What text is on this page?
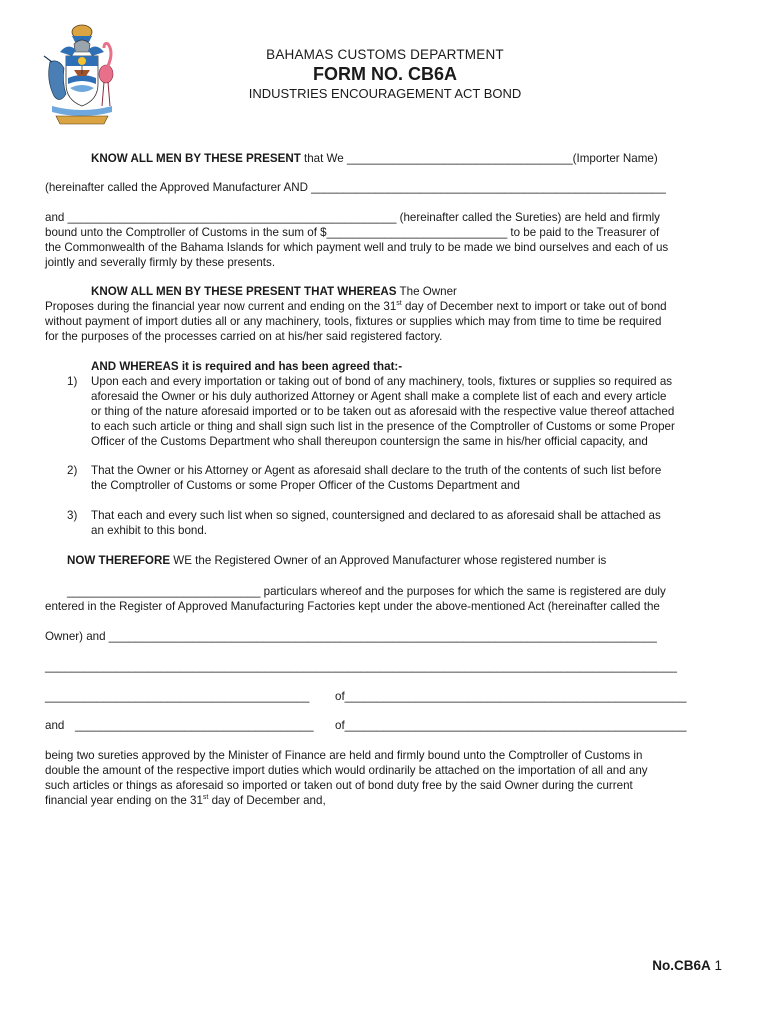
BAHAMAS CUSTOMS DEPARTMENT
FORM NO. CB6A
INDUSTRIES ENCOURAGEMENT ACT BOND
KNOW ALL MEN BY THESE PRESENT that We ___________________________________(Importer Name)
(hereinafter called the Approved Manufacturer AND _______________________________________________________
and ___________________________________________________ (hereinafter called the Sureties) are held and firmly
bound unto the Comptroller of Customs in the sum of $____________________________ to be paid to the Treasurer of
the Commonwealth of the Bahama Islands for which payment well and truly to be made we bind ourselves and each of us
jointly and severally firmly by these presents.
KNOW ALL MEN BY THESE PRESENT THAT WHEREAS The Owner
Proposes during the financial year now current and ending on the 31st day of December next to import or take out of bond
without payment of import duties all or any machinery, tools, fixtures or supplies which may from time to time be required
for the purposes of the processes carried on at his/her said registered factory.
AND WHEREAS it is required and has been agreed that:-
1) Upon each and every importation or taking out of bond of any machinery, tools, fixtures or supplies so required as
aforesaid the Owner or his duly authorized Attorney or Agent shall make a complete list of each and every article
or thing of the nature aforesaid imported or to be taken out as aforesaid with the respective value thereof attached
to each such article or thing and shall sign such list in the presence of the Comptroller of Customs or some Proper
Officer of the Customs Department who shall thereupon countersign the same in his/her official capacity, and
2) That the Owner or his Attorney or Agent as aforesaid shall declare to the truth of the contents of such list before
the Comptroller of Customs or some Proper Officer of the Customs Department and
3) That each and every such list when so signed, countersigned and declared to as aforesaid shall be attached as
an exhibit to this bond.
NOW THEREFORE WE the Registered Owner of an Approved Manufacturer whose registered number is
______________________________ particulars whereof and the purposes for which the same is registered are duly
entered in the Register of Approved Manufacturing Factories kept under the above-mentioned Act (hereinafter called the
Owner) and _____________________________________________________________________________________
__________________________________________________________________________________________________
_________________________________________ of_____________________________________________________
and _____________________________________ of_____________________________________________________
being two sureties approved by the Minister of Finance are held and firmly bound unto the Comptroller of Customs in
double the amount of the respective import duties which would ordinarily be attached on the importation of all and any
such articles or things as aforesaid so imported or taken out of bond duty free by the said Owner during the current
financial year ending on the 31st day of December and,
No.CB6A 1
